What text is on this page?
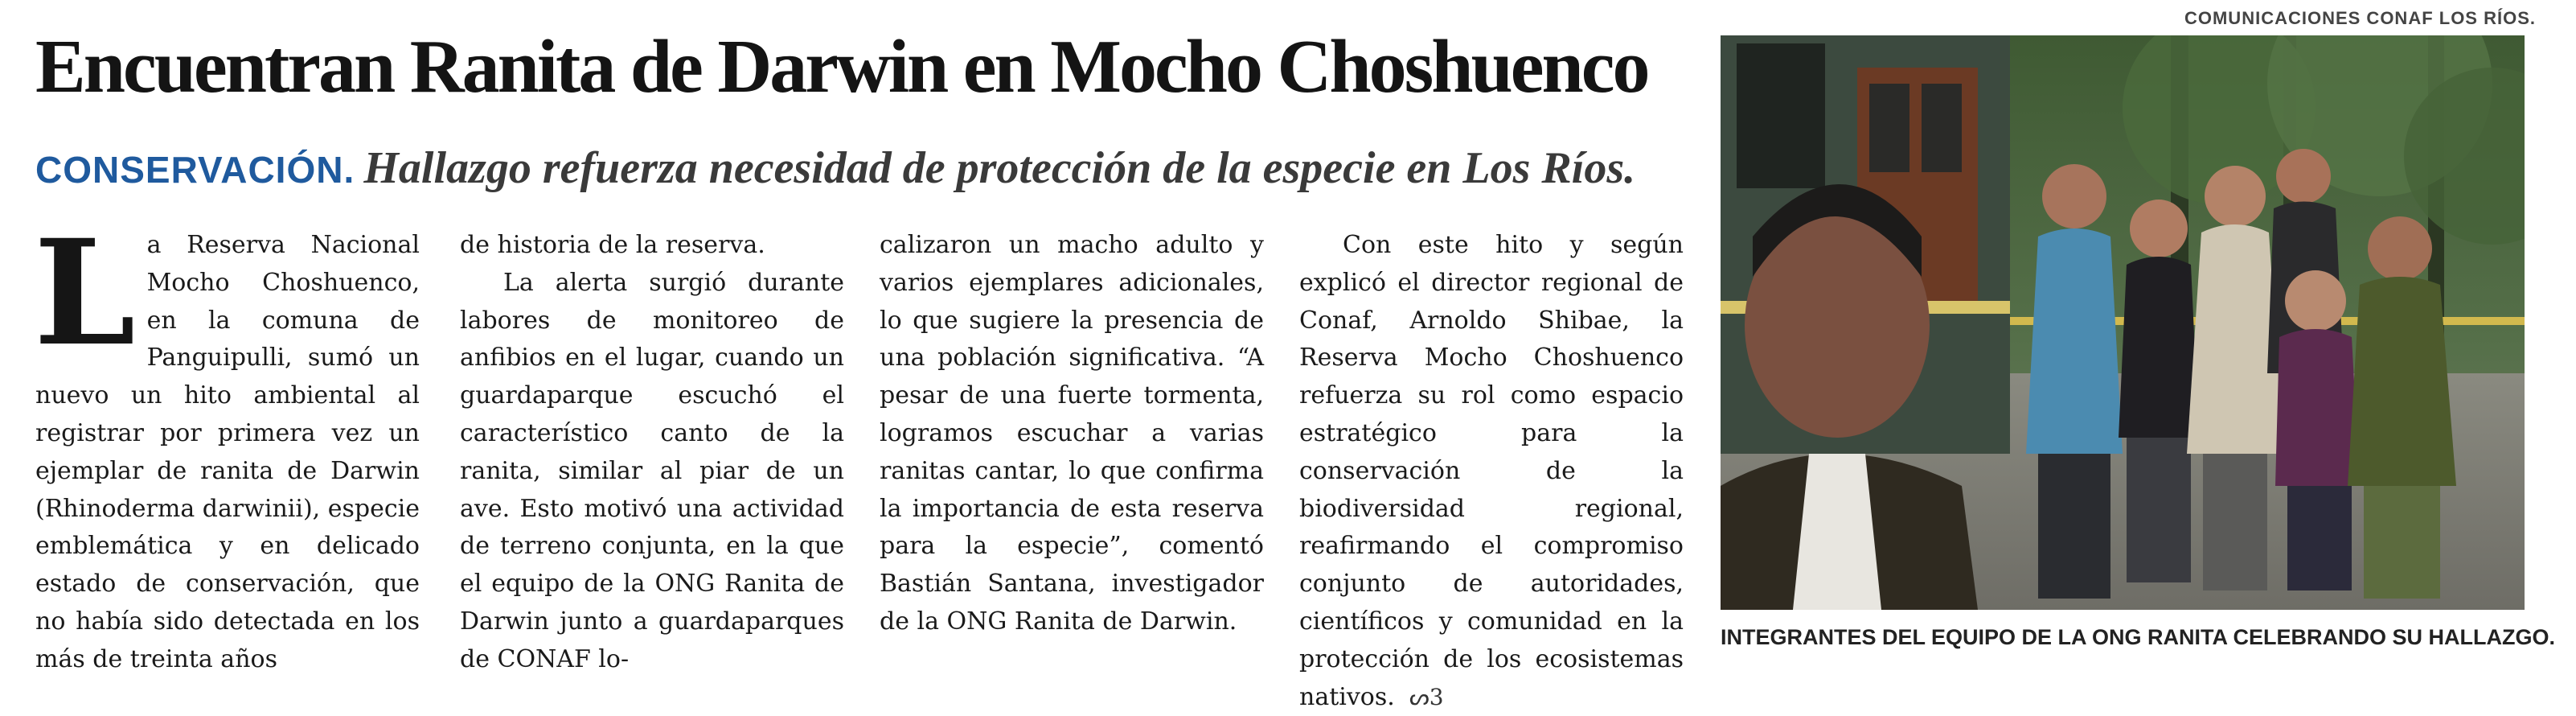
COMUNICACIONES CONAF LOS RÍOS.
Encuentran Ranita de Darwin en Mocho Choshuenco
CONSERVACIÓN. Hallazgo refuerza necesidad de protección de la especie en Los Ríos.

La Reserva Nacional Mocho Choshuenco, en la comuna de Panguipulli, sumó un nuevo un hito ambiental al registrar por primera vez un ejemplar de ranita de Darwin (Rhinoderma darwinii), especie emblemática y en delicado estado de conservación, que no había sido detectada en los más de treinta años

de historia de la reserva.

La alerta surgió durante labores de monitoreo de anfibios en el lugar, cuando un guardaparque escuchó el característico canto de la ranita, similar al piar de un ave. Esto motivó una actividad de terreno conjunta, en la que el equipo de la ONG Ranita de Darwin junto a guardaparques de CONAF lo-

calizaron un macho adulto y varios ejemplares adicionales, lo que sugiere la presencia de una población significativa. “A pesar de una fuerte tormenta, logramos escuchar a varias ranitas cantar, lo que confirma la importancia de esta reserva para la especie”, comentó Bastián Santana, investigador de la ONG Ranita de Darwin.

Con este hito y según explicó el director regional de Conaf, Arnoldo Shibae, la Reserva Mocho Choshuenco refuerza su rol como espacio estratégico para la conservación de la biodiversidad regional, reafirmando el compromiso conjunto de autoridades, científicos y comunidad en la protección de los ecosistemas nativos. ᔕ3

INTEGRANTES DEL EQUIPO DE LA ONG RANITA CELEBRANDO SU HALLAZGO.
